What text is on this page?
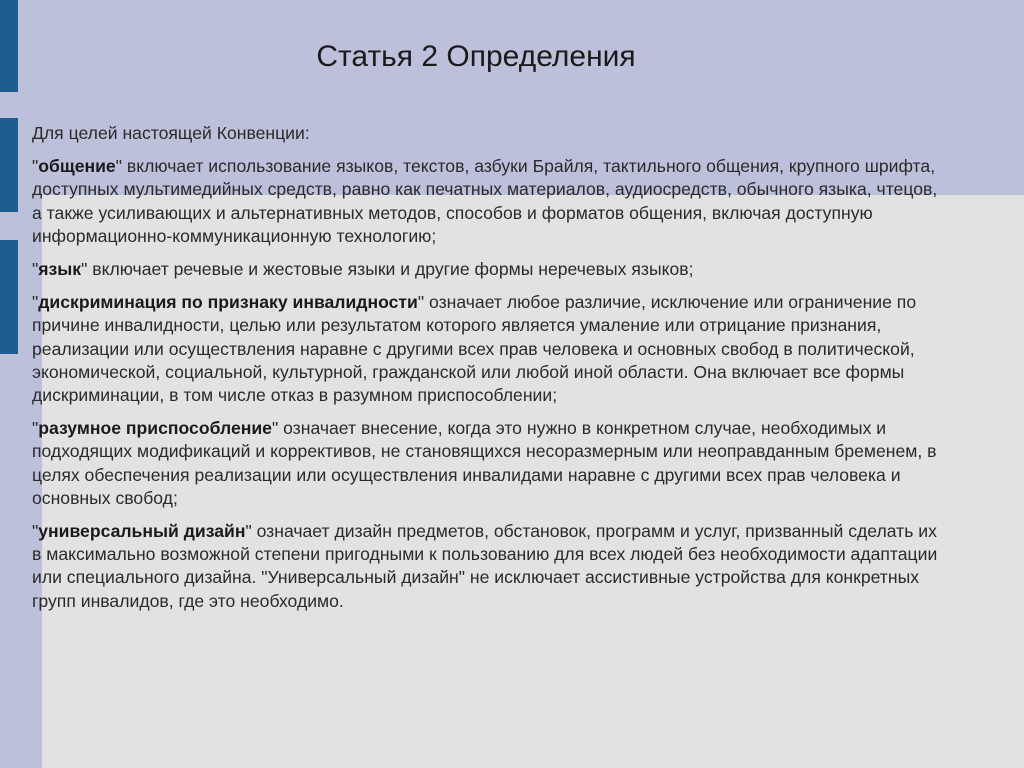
Статья 2 Определения

Для целей настоящей Конвенции:

"общение" включает использование языков, текстов, азбуки Брайля, тактильного общения, крупного шрифта, доступных мультимедийных средств, равно как печатных материалов, аудиосредств, обычного языка, чтецов, а также усиливающих и альтернативных методов, способов и форматов общения, включая доступную информационно-коммуникационную технологию;

"язык" включает речевые и жестовые языки и другие формы неречевых языков;

"дискриминация по признаку инвалидности" означает любое различие, исключение или ограничение по причине инвалидности, целью или результатом которого является умаление или отрицание признания, реализации или осуществления наравне с другими всех прав человека и основных свобод в политической, экономической, социальной, культурной, гражданской или любой иной области. Она включает все формы дискриминации, в том числе отказ в разумном приспособлении;

"разумное приспособление" означает внесение, когда это нужно в конкретном случае, необходимых и подходящих модификаций и коррективов, не становящихся несоразмерным или неоправданным бременем, в целях обеспечения реализации или осуществления инвалидами наравне с другими всех прав человека и основных свобод;

"универсальный дизайн" означает дизайн предметов, обстановок, программ и услуг, призванный сделать их в максимально возможной степени пригодными к пользованию для всех людей без необходимости адаптации или специального дизайна. "Универсальный дизайн" не исключает ассистивные устройства для конкретных групп инвалидов, где это необходимо.
